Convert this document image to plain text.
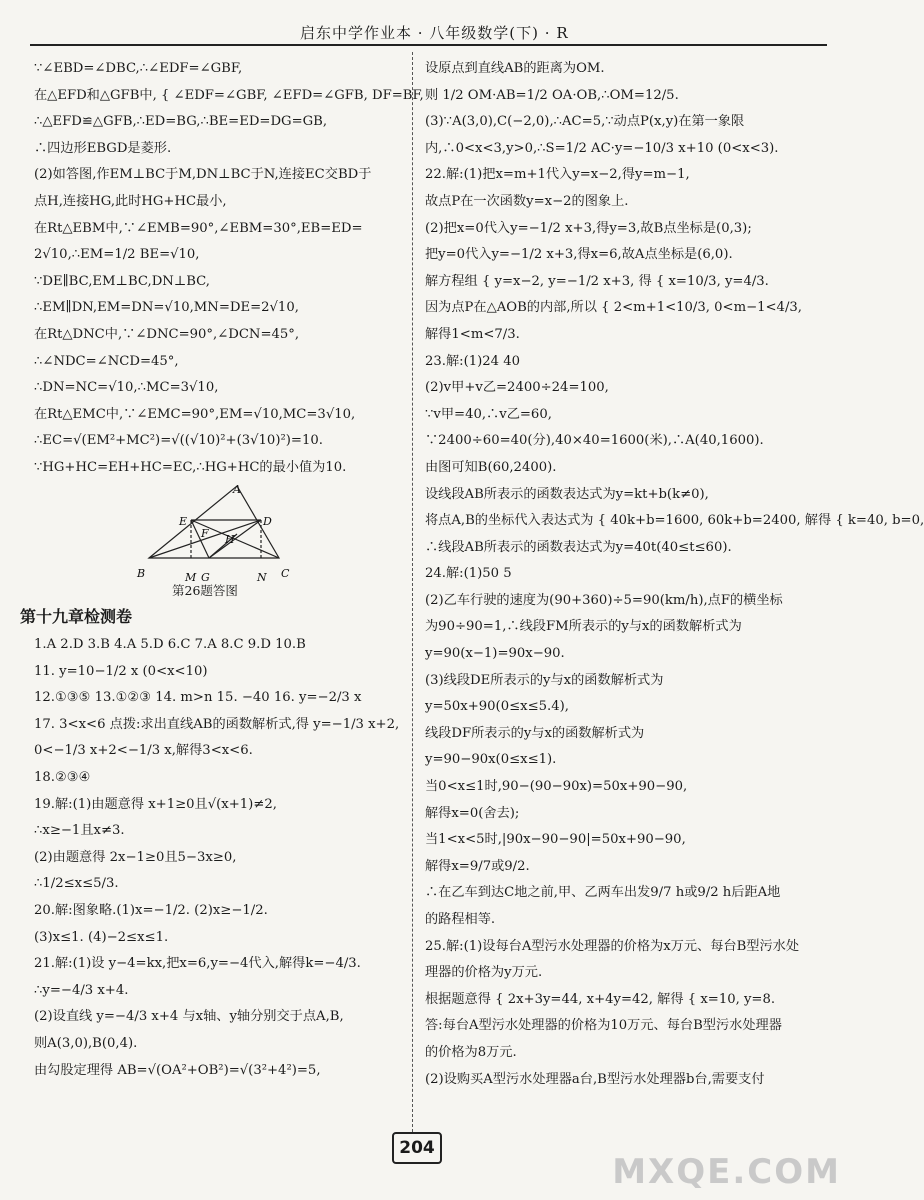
启东中学作业本 · 八年级数学(下) · R
∵∠EBD=∠DBC,∴∠EDF=∠GBF,
在△EFD和△GFB中, { ∠EDF=∠GBF, ∠EFD=∠GFB, DF=BF,
∴△EFD≌△GFB,∴ED=BG,∴BE=ED=DG=GB,
∴四边形EBGD是菱形.
(2)如答图,作EM⊥BC于M,DN⊥BC于N,连接EC交BD于
点H,连接HG,此时HG+HC最小,
在Rt△EBM中,∵∠EMB=90°,∠EBM=30°,EB=ED=
2√10,∴EM=1/2 BE=√10,
∵DE∥BC,EM⊥BC,DN⊥BC,
∴EM∥DN,EM=DN=√10,MN=DE=2√10,
在Rt△DNC中,∵∠DNC=90°,∠DCN=45°,
∴∠NDC=∠NCD=45°,
∴DN=NC=√10,∴MC=3√10,
在Rt△EMC中,∵∠EMC=90°,EM=√10,MC=3√10,
∴EC=√(EM²+MC²)=√((√10)²+(3√10)²)=10.
∵HG+HC=EH+HC=EC,∴HG+HC的最小值为10.
A
E	D
F H
B	M G	N C
第26题答图
第十九章检测卷
1.A 2.D 3.B 4.A 5.D 6.C 7.A 8.C 9.D 10.B
11. y=10−1/2 x (0<x<10)
12.①③⑤ 13.①②③ 14. m>n 15. −40 16. y=−2/3 x
17. 3<x<6 点拨:求出直线AB的函数解析式,得 y=−1/3 x+2,
0<−1/3 x+2<−1/3 x,解得3<x<6.
18.②③④
19.解:(1)由题意得 x+1≥0且√(x+1)≠2,
∴x≥−1且x≠3.
(2)由题意得 2x−1≥0且5−3x≥0,
∴1/2≤x≤5/3.
20.解:图象略.(1)x=−1/2. (2)x≥−1/2.
(3)x≤1. (4)−2≤x≤1.
21.解:(1)设 y−4=kx,把x=6,y=−4代入,解得k=−4/3.
∴y=−4/3 x+4.
(2)设直线 y=−4/3 x+4 与x轴、y轴分别交于点A,B,
则A(3,0),B(0,4).
由勾股定理得 AB=√(OA²+OB²)=√(3²+4²)=5,
设原点到直线AB的距离为OM.
则 1/2 OM·AB=1/2 OA·OB,∴OM=12/5.
(3)∵A(3,0),C(−2,0),∴AC=5,∵动点P(x,y)在第一象限
内,∴0<x<3,y>0,∴S=1/2 AC·y=−10/3 x+10 (0<x<3).
22.解:(1)把x=m+1代入y=x−2,得y=m−1,
故点P在一次函数y=x−2的图象上.
(2)把x=0代入y=−1/2 x+3,得y=3,故B点坐标是(0,3);
把y=0代入y=−1/2 x+3,得x=6,故A点坐标是(6,0).
解方程组 { y=x−2, y=−1/2 x+3, 得 { x=10/3, y=4/3.
因为点P在△AOB的内部,所以 { 2<m+1<10/3, 0<m−1<4/3,
解得1<m<7/3.
23.解:(1)24 40
(2)v甲+v乙=2400÷24=100,
∵v甲=40,∴v乙=60,
∵2400÷60=40(分),40×40=1600(米),∴A(40,1600).
由图可知B(60,2400).
设线段AB所表示的函数表达式为y=kt+b(k≠0),
将点A,B的坐标代入表达式为 { 40k+b=1600, 60k+b=2400, 解得 { k=40, b=0,
∴线段AB所表示的函数表达式为y=40t(40≤t≤60).
24.解:(1)50 5
(2)乙车行驶的速度为(90+360)÷5=90(km/h),点F的横坐标
为90÷90=1,∴线段FM所表示的y与x的函数解析式为
y=90(x−1)=90x−90.
(3)线段DE所表示的y与x的函数解析式为
y=50x+90(0≤x≤5.4),
线段DF所表示的y与x的函数解析式为
y=90−90x(0≤x≤1).
当0<x≤1时,90−(90−90x)=50x+90−90,
解得x=0(舍去);
当1<x<5时,|90x−90−90|=50x+90−90,
解得x=9/7或9/2.
∴在乙车到达C地之前,甲、乙两车出发9/7 h或9/2 h后距A地
的路程相等.
25.解:(1)设每台A型污水处理器的价格为x万元、每台B型污水处
理器的价格为y万元.
根据题意得 { 2x+3y=44, x+4y=42, 解得 { x=10, y=8.
答:每台A型污水处理器的价格为10万元、每台B型污水处理器
的价格为8万元.
(2)设购买A型污水处理器a台,B型污水处理器b台,需要支付
204
MXQE.COM
